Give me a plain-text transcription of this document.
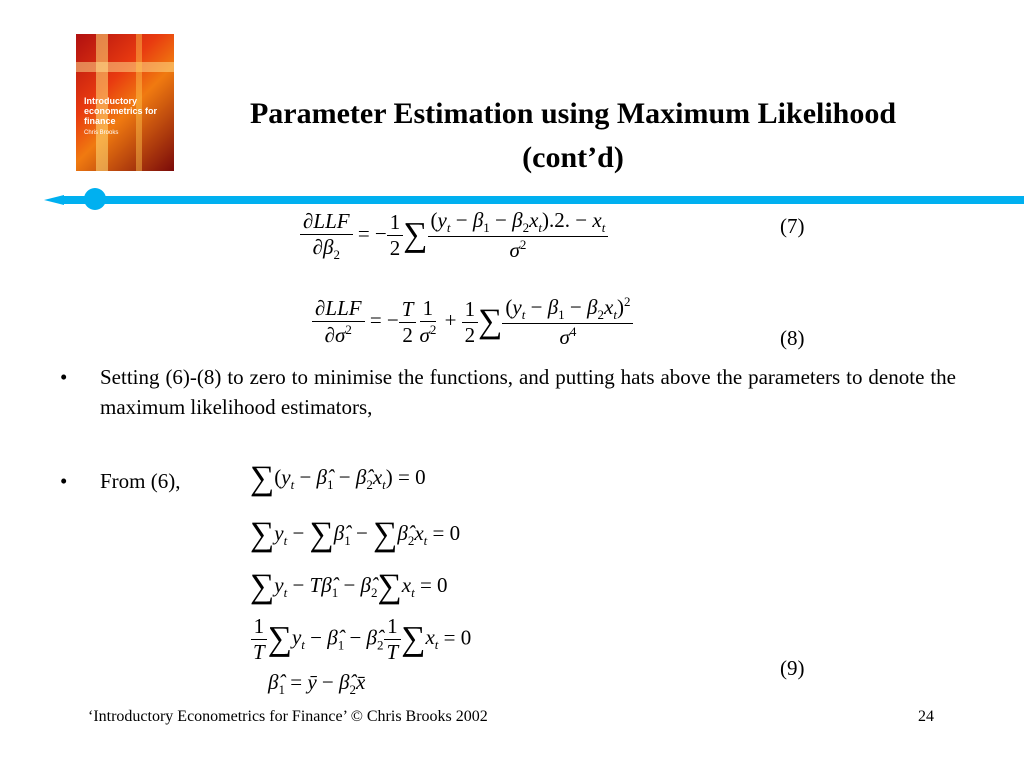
Introductory econometrics for finance
Chris Brooks
Parameter Estimation using Maximum Likelihood
(cont’d)
$\frac{\text{∂LLF}}{\partial\beta_2}$ = − $\frac{1}{2}$ ∑ $\frac{(y_t - \beta_1 - \beta_2x_t).2. - x_t}{\sigma^2}$	(7)
$\frac{\text{∂LLF}}{\partial\sigma^2}$ = − $\frac{T}{2} \frac{1}{\sigma^2} + \frac{1}{2}$ ∑ $\frac{(y_t - \beta_1 - \beta_2x_t)^2}{\sigma^4}$	(8)
•	Setting (6)-(8) to zero to minimise the functions, and putting hats above the parameters to denote the maximum likelihood estimators,
•	From (6), $\sum(y_t$ − $\betâ_1$ − $\betâ_2x_t) = 0$
$\sum y_t$ − $\sum\betâ_1$ − $\sum\betâ_2x_t = 0$
$\sum y_t$ − $T\betâ_1$ − $\betâ_2\sum x_t = 0$
$\frac{1}{T} \sum y_t$ − $\betâ_1$ − $\betâ_2 \frac{1}{T} \sum x_t = 0$
$\betâ_1$ = ȳ − $\betâ_2x̄$
(9)
‘Introductory Econometrics for Finance’ © Chris Brooks 2002	24
